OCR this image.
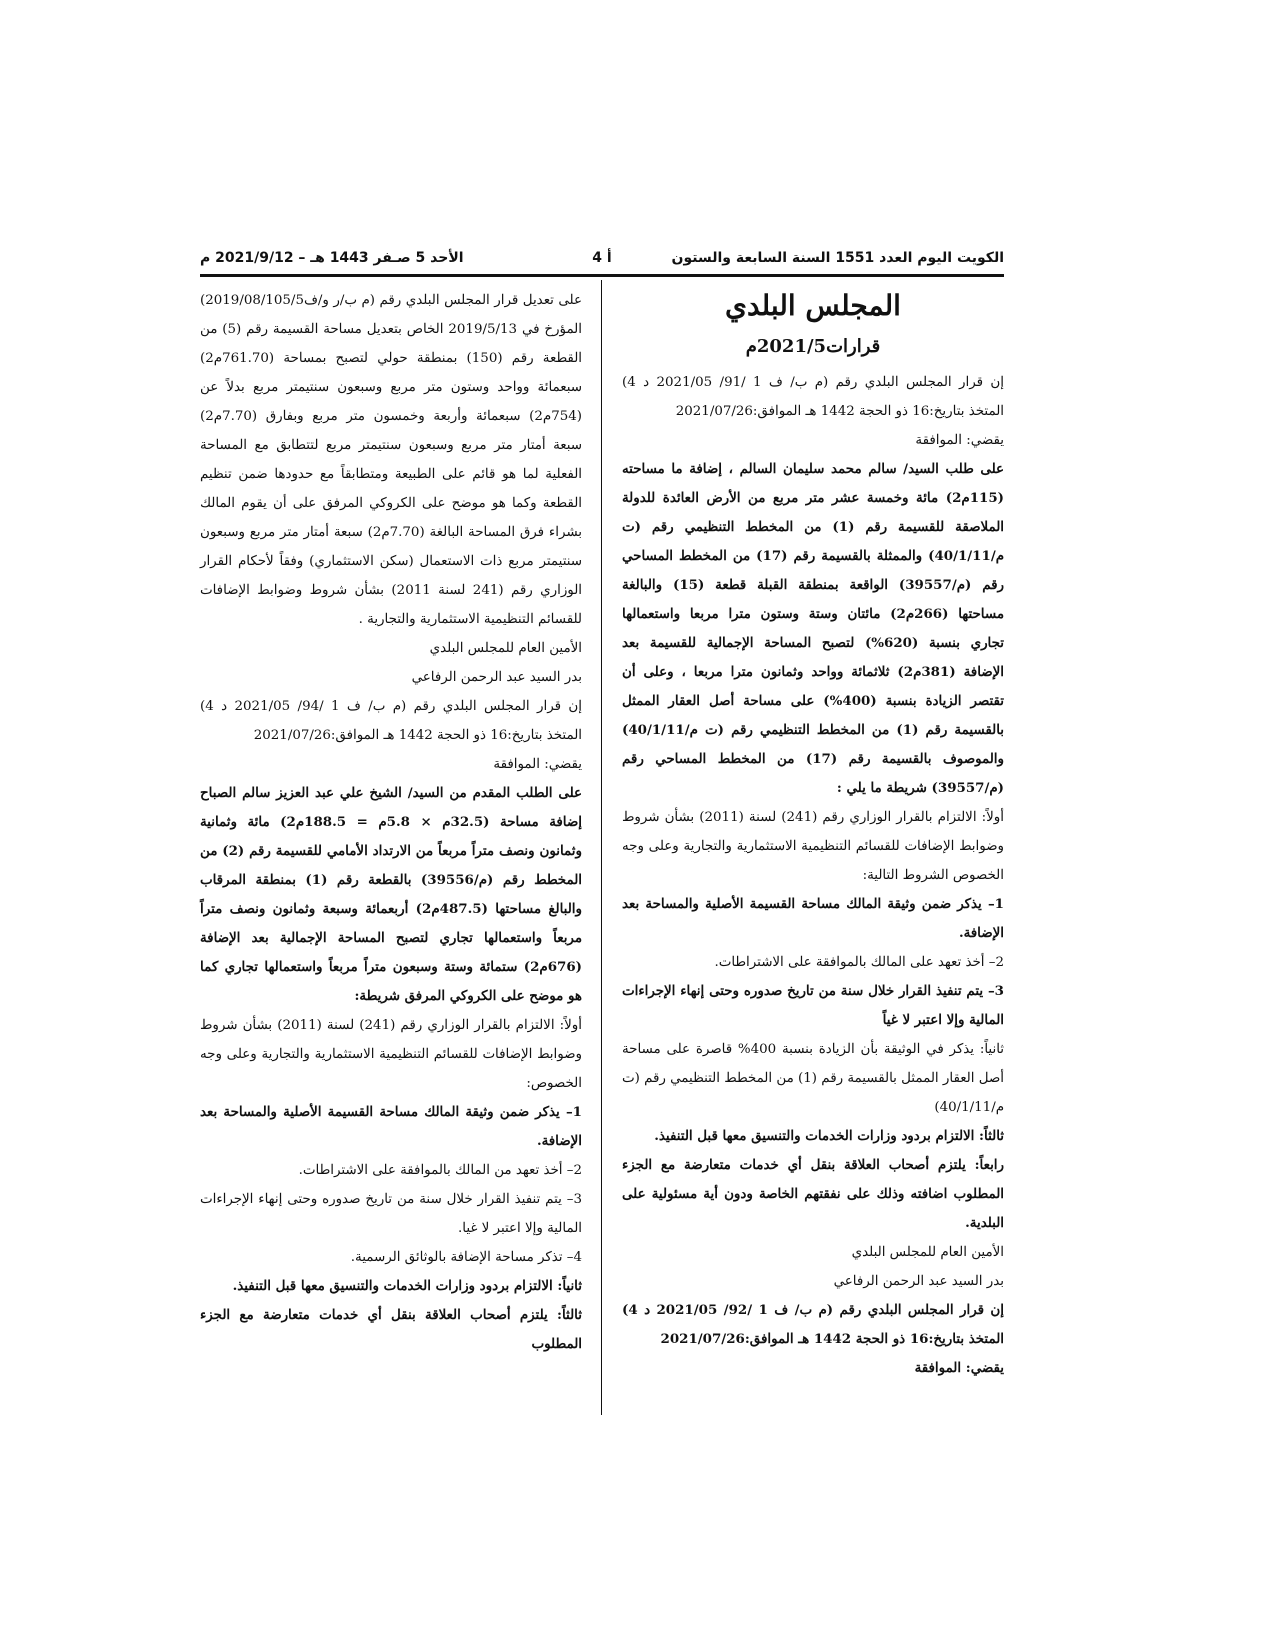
الكويت اليوم العدد 1551 السنة السابعة والستون
4 أ
الأحد 5 صـفر 1443 هـ – 2021/9/12 م

المجلس البلدي

قرارات2021/5م

إن قرار المجلس البلدي رقم (م ب/ ف 1 /91/ 2021/05 د 4) المتخذ بتاريخ:16 ذو الحجة 1442 هـ الموافق:2021/07/26

يقضي: الموافقة

على طلب السيد/ سالم محمد سليمان السالم ، إضافة ما مساحته (115م2) مائة وخمسة عشر متر مربع من الأرض العائدة للدولة الملاصقة للقسيمة رقم (1) من المخطط التنظيمي رقم (ت م/40/1/11) والممثلة بالقسيمة رقم (17) من المخطط المساحي رقم (م/39557) الواقعة بمنطقة القبلة قطعة (15) والبالغة مساحتها (266م2) مائتان وستة وستون مترا مربعا واستعمالها تجاري بنسبة (620%) لتصبح المساحة الإجمالية للقسيمة بعد الإضافة (381م2) ثلاثمائة وواحد وثمانون مترا مربعا ، وعلى أن تقتصر الزيادة بنسبة (400%) على مساحة أصل العقار الممثل بالقسيمة رقم (1) من المخطط التنظيمي رقم (ت م/40/1/11) والموصوف بالقسيمة رقم (17) من المخطط المساحي رقم (م/39557) شريطة ما يلي :

أولاً: الالتزام بالقرار الوزاري رقم (241) لسنة (2011) بشأن شروط وضوابط الإضافات للقسائم التنظيمية الاستثمارية والتجارية وعلى وجه الخصوص الشروط التالية:

1– يذكر ضمن وثيقة المالك مساحة القسيمة الأصلية والمساحة بعد الإضافة.

2– أخذ تعهد على المالك بالموافقة على الاشتراطات.

3– يتم تنفيذ القرار خلال سنة من تاريخ صدوره وحتى إنهاء الإجراءات المالية وإلا اعتبر لا غياً

ثانياً: يذكر في الوثيقة بأن الزيادة بنسبة 400% قاصرة على مساحة أصل العقار الممثل بالقسيمة رقم (1) من المخطط التنظيمي رقم (ت م/40/1/11)

ثالثاً: الالتزام بردود وزارات الخدمات والتنسيق معها قبل التنفيذ.

رابعاً: يلتزم أصحاب العلاقة بنقل أي خدمات متعارضة مع الجزء المطلوب اضافته وذلك على نفقتهم الخاصة ودون أية مسئولية على البلدية.

الأمين العام للمجلس البلدي

بدر السيد عبد الرحمن الرفاعي

إن قرار المجلس البلدي رقم (م ب/ ف 1 /92/ 2021/05 د 4) المتخذ بتاريخ:16 ذو الحجة 1442 هـ الموافق:2021/07/26

يقضي: الموافقة

على تعديل قرار المجلس البلدي رقم (م ب/ر و/ف2019/08/105/5) المؤرخ في 2019/5/13 الخاص بتعديل مساحة القسيمة رقم (5) من القطعة رقم (150) بمنطقة حولي لتصبح بمساحة (761.70م2) سبعمائة وواحد وستون متر مربع وسبعون سنتيمتر مربع بدلاً عن (754م2) سبعمائة وأربعة وخمسون متر مربع وبفارق (7.70م2) سبعة أمتار متر مربع وسبعون سنتيمتر مربع لتتطابق مع المساحة الفعلية لما هو قائم على الطبيعة ومتطابقاً مع حدودها ضمن تنظيم القطعة وكما هو موضح على الكروكي المرفق على أن يقوم المالك بشراء فرق المساحة البالغة (7.70م2) سبعة أمتار متر مربع وسبعون سنتيمتر مربع ذات الاستعمال (سكن الاستثماري) وفقاً لأحكام القرار الوزاري رقم (241 لسنة 2011) بشأن شروط وضوابط الإضافات للقسائم التنظيمية الاستثمارية والتجارية .

الأمين العام للمجلس البلدي

بدر السيد عبد الرحمن الرفاعي

إن قرار المجلس البلدي رقم (م ب/ ف 1 /94/ 2021/05 د 4) المتخذ بتاريخ:16 ذو الحجة 1442 هـ الموافق:2021/07/26

يقضي: الموافقة

على الطلب المقدم من السيد/ الشيخ علي عبد العزيز سالم الصباح إضافة مساحة (32.5م × 5.8م = 188.5م2) مائة وثمانية وثمانون ونصف متراً مربعاً من الارتداد الأمامي للقسيمة رقم (2) من المخطط رقم (م/39556) بالقطعة رقم (1) بمنطقة المرقاب والبالغ مساحتها (487.5م2) أربعمائة وسبعة وثمانون ونصف متراً مربعاً واستعمالها تجاري لتصبح المساحة الإجمالية بعد الإضافة (676م2) ستمائة وستة وسبعون متراً مربعاً واستعمالها تجاري كما هو موضح على الكروكي المرفق شريطة:

أولاً: الالتزام بالقرار الوزاري رقم (241) لسنة (2011) بشأن شروط وضوابط الإضافات للقسائم التنظيمية الاستثمارية والتجارية وعلى وجه الخصوص:

1– يذكر ضمن وثيقة المالك مساحة القسيمة الأصلية والمساحة بعد الإضافة.

2– أخذ تعهد من المالك بالموافقة على الاشتراطات.

3– يتم تنفيذ القرار خلال سنة من تاريخ صدوره وحتى إنهاء الإجراءات المالية وإلا اعتبر لا غيا.

4– تذكر مساحة الإضافة بالوثائق الرسمية.

ثانياً: الالتزام بردود وزارات الخدمات والتنسيق معها قبل التنفيذ.

ثالثاً: يلتزم أصحاب العلاقة بنقل أي خدمات متعارضة مع الجزء المطلوب
